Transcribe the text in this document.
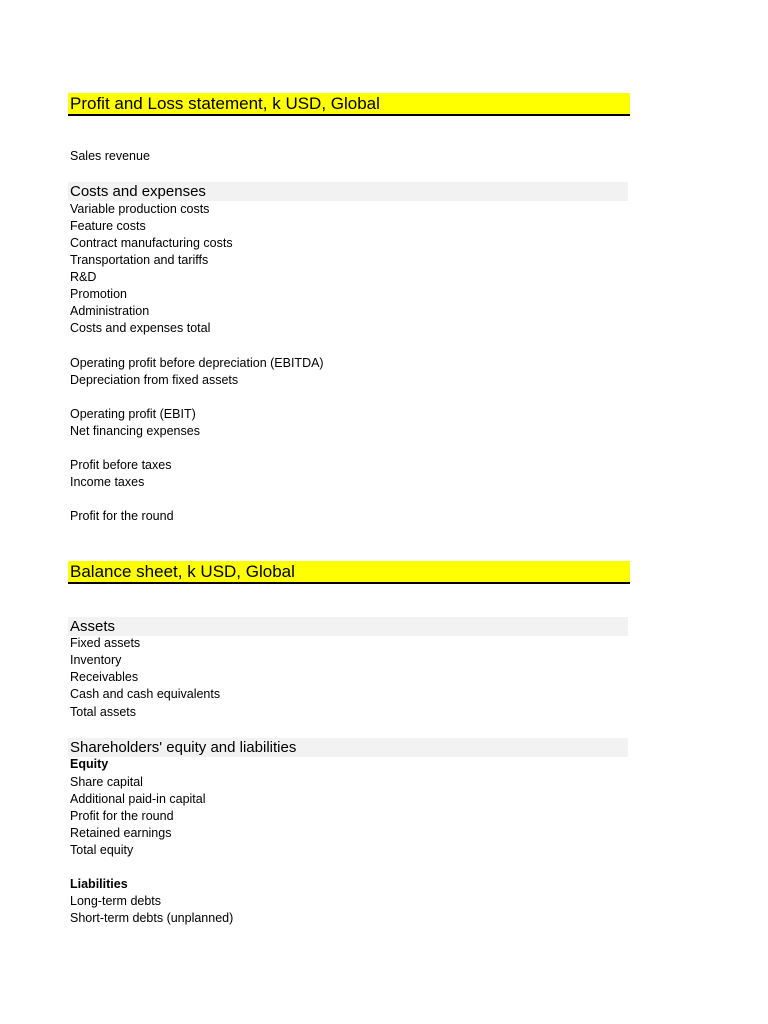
Profit and Loss statement, k USD, Global
Sales revenue
Costs and expenses
Variable production costs
Feature costs
Contract manufacturing costs
Transportation and tariffs
R&D
Promotion
Administration
Costs and expenses total
Operating profit before depreciation (EBITDA)
Depreciation from fixed assets
Operating profit (EBIT)
Net financing expenses
Profit before taxes
Income taxes
Profit for the round
Balance sheet, k USD, Global
Assets
Fixed assets
Inventory
Receivables
Cash and cash equivalents
Total assets
Shareholders' equity and liabilities
Equity
Share capital
Additional paid-in capital
Profit for the round
Retained earnings
Total equity
Liabilities
Long-term debts
Short-term debts (unplanned)
